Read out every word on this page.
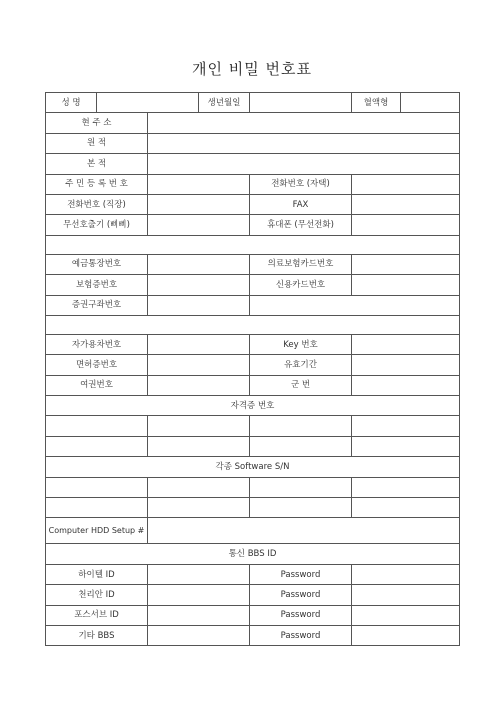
개인 비밀 번호표
성 명			생년월일		혈액형	
현 주 소						
원 적						
본 적						
주 민 등 록 번 호				전화번호 (자택)		
전화번호 (직장)				FAX		
무선호출기 (삐삐)				휴대폰 (무선전화)		

예금통장번호				의료보험카드번호		
보험증번호				신용카드번호		
증권구좌번호						

자가용차번호				Key 번호		
면허증번호				유효기간		
여권번호				군 번		
자격증 번호						

각종 Software S/N						

Computer HDD Setup #						
통신 BBS ID						
하이텔 ID				Password		
천리안 ID				Password		
포스서브 ID				Password		
기타 BBS				Password		
